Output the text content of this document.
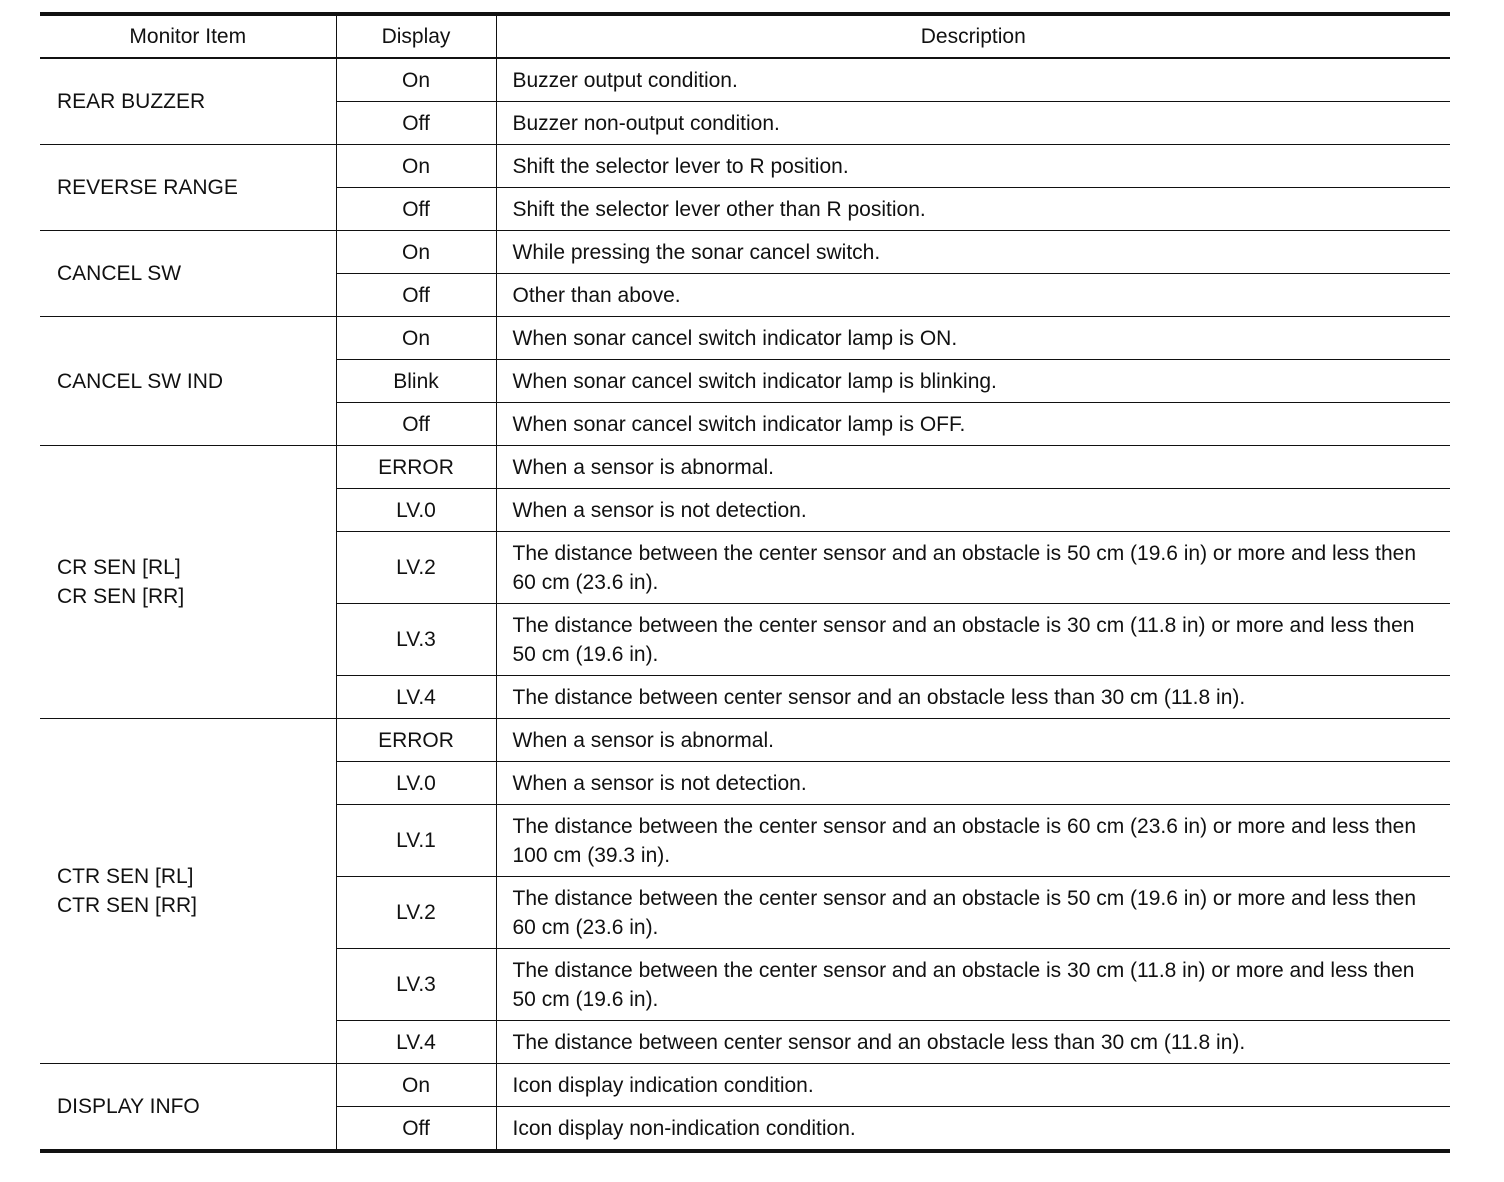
Monitor Item	Display	Description

REAR BUZZER	On	Buzzer output condition.
	Off	Buzzer non-output condition.

REVERSE RANGE	On	Shift the selector lever to R position.
	Off	Shift the selector lever other than R position.

CANCEL SW	On	While pressing the sonar cancel switch.
	Off	Other than above.

CANCEL SW IND	On	When sonar cancel switch indicator lamp is ON.
	Blink	When sonar cancel switch indicator lamp is blinking.
	Off	When sonar cancel switch indicator lamp is OFF.

CR SEN [RL]
CR SEN [RR]	ERROR	When a sensor is abnormal.
	LV.0	When a sensor is not detection.
	LV.2	The distance between the center sensor and an obstacle is 50 cm (19.6 in) or more and less then 60 cm (23.6 in).
	LV.3	The distance between the center sensor and an obstacle is 30 cm (11.8 in) or more and less then 50 cm (19.6 in).
	LV.4	The distance between center sensor and an obstacle less than 30 cm (11.8 in).

CTR SEN [RL]
CTR SEN [RR]	ERROR	When a sensor is abnormal.
	LV.0	When a sensor is not detection.
	LV.1	The distance between the center sensor and an obstacle is 60 cm (23.6 in) or more and less then 100 cm (39.3 in).
	LV.2	The distance between the center sensor and an obstacle is 50 cm (19.6 in) or more and less then 60 cm (23.6 in).
	LV.3	The distance between the center sensor and an obstacle is 30 cm (11.8 in) or more and less then 50 cm (19.6 in).
	LV.4	The distance between center sensor and an obstacle less than 30 cm (11.8 in).

DISPLAY INFO	On	Icon display indication condition.
	Off	Icon display non-indication condition.
